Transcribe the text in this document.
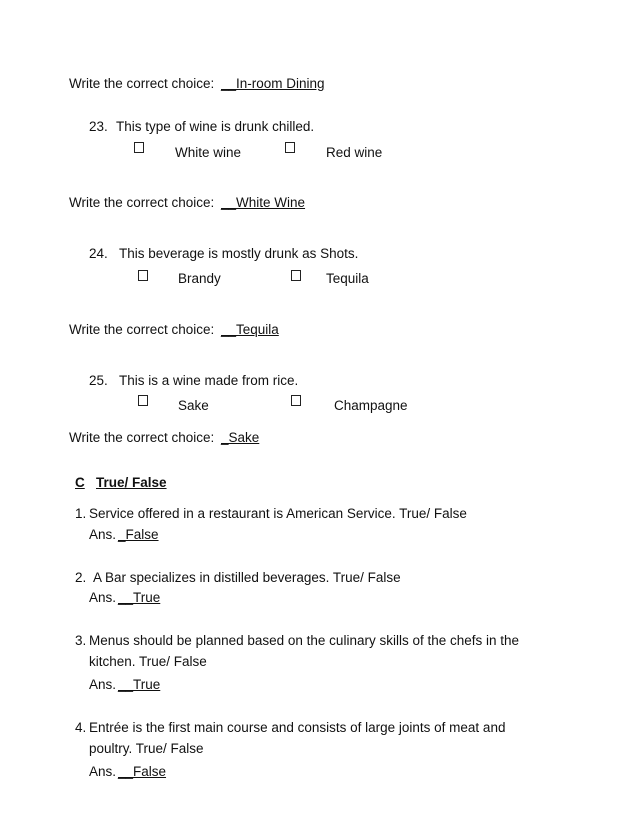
Write the correct choice: __In-room Dining
23. This type of wine is drunk chilled.
White wine	Red wine
Write the correct choice: __White Wine
24. This beverage is mostly drunk as Shots.
Brandy	Tequila
Write the correct choice: __Tequila
25. This is a wine made from rice.
Sake	Champagne
Write the correct choice: _Sake
C True/ False
1. Service offered in a restaurant is American Service. True/ False
Ans. _False
2. A Bar specializes in distilled beverages. True/ False
Ans. __True
3. Menus should be planned based on the culinary skills of the chefs in the
kitchen. True/ False
Ans. __True
4. Entrée is the first main course and consists of large joints of meat and
poultry. True/ False
Ans. __False
